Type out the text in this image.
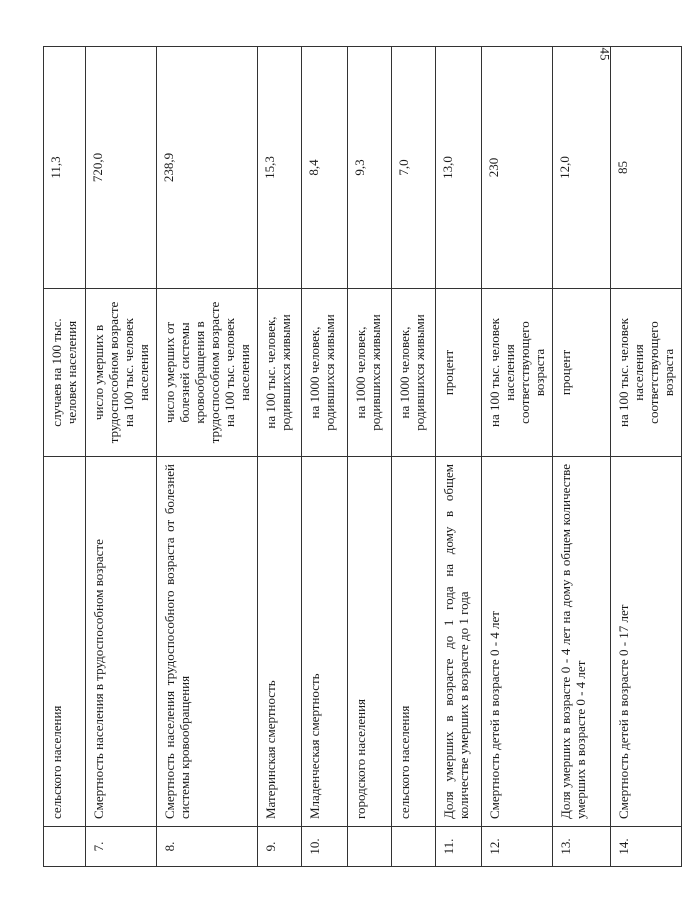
45
	сельского населения	случаев на 100 тыс. человек населения	11,3
7.	Смертность населения в трудоспособном возрасте	число умерших в трудоспособном возрасте на 100 тыс. человек населения	720,0
8.	Смертность населения трудоспособного возраста от болезней системы кровообращения	число умерших от болезней системы кровообращения в трудоспособном возрасте на 100 тыс. человек населения	238,9
9.	Материнская смертность	на 100 тыс. человек, родившихся живыми	15,3
10.	Младенческая смертность	на 1000 человек, родившихся живыми	8,4
	городского населения	на 1000 человек, родившихся живыми	9,3
	сельского населения	на 1000 человек, родившихся живыми	7,0
11.	Доля умерших в возрасте до 1 года на дому в общем количестве умерших в возрасте до 1 года	процент	13,0
12.	Смертность детей в возрасте 0 - 4 лет	на 100 тыс. человек населения соответствующего возраста	230
13.	Доля умерших в возрасте 0 - 4 лет на дому в общем количестве умерших в возрасте 0 - 4 лет	процент	12,0
14.	Смертность детей в возрасте 0 - 17 лет	на 100 тыс. человек населения соответствующего возраста	85
